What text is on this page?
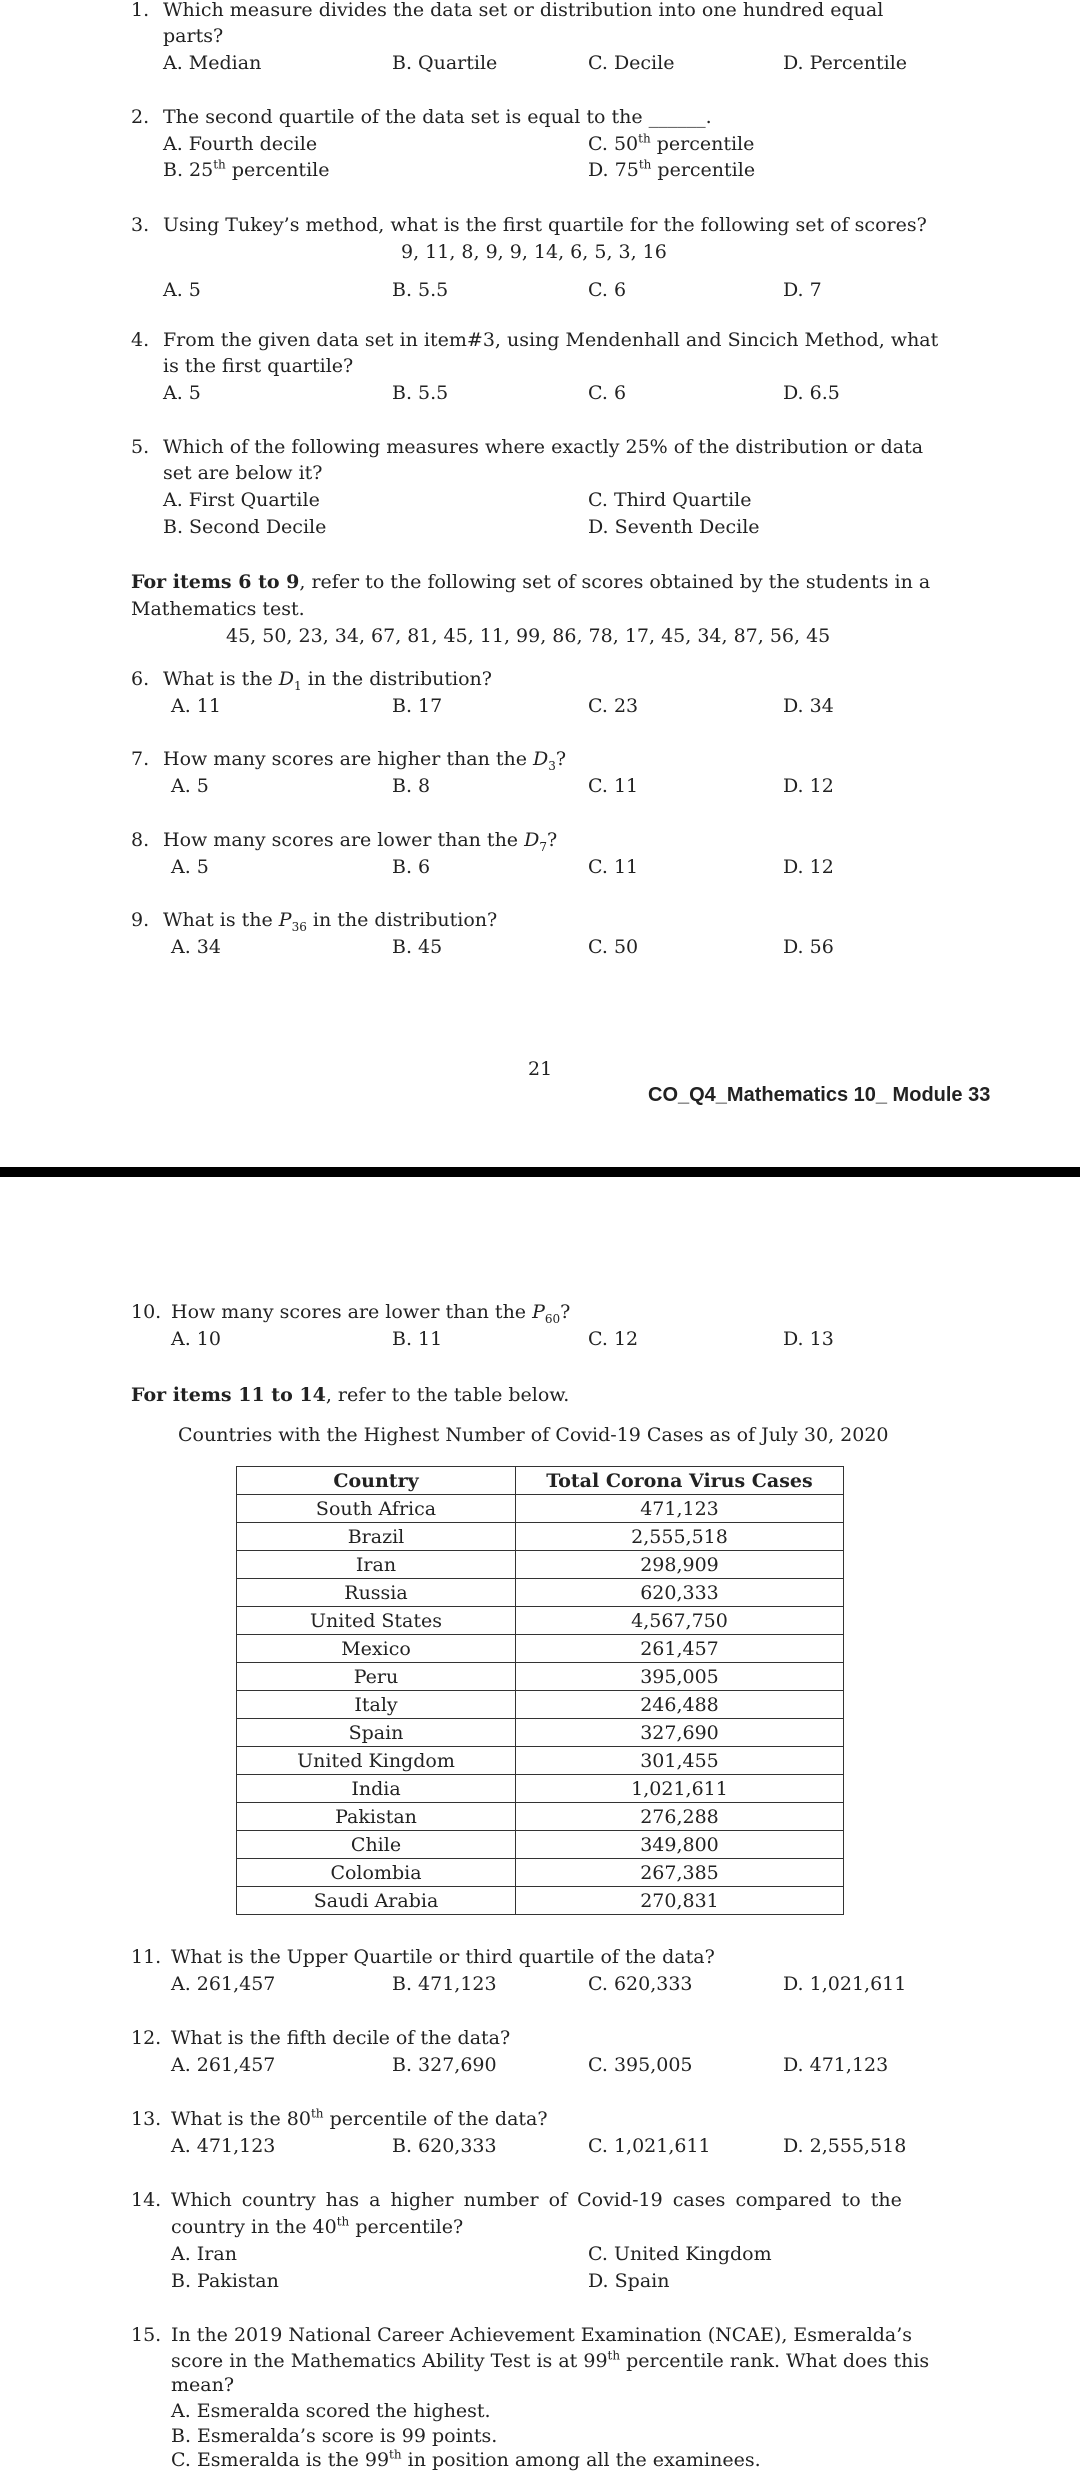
1. Which measure divides the data set or distribution into one hundred equal
parts?
A. Median	B. Quartile	C. Decile	D. Percentile
2. The second quartile of the data set is equal to the ______.
A. Fourth decile	C. 50th percentile
B. 25th percentile	D. 75th percentile
3. Using Tukey’s method, what is the first quartile for the following set of scores?
9, 11, 8, 9, 9, 14, 6, 5, 3, 16
A. 5	B. 5.5	C. 6	D. 7
4. From the given data set in item#3, using Mendenhall and Sincich Method, what
is the first quartile?
A. 5	B. 5.5	C. 6	D. 6.5
5. Which of the following measures where exactly 25% of the distribution or data
set are below it?
A. First Quartile	C. Third Quartile
B. Second Decile	D. Seventh Decile
For items 6 to 9, refer to the following set of scores obtained by the students in a
Mathematics test.
45, 50, 23, 34, 67, 81, 45, 11, 99, 86, 78, 17, 45, 34, 87, 56, 45
6. What is the $D_1$ in the distribution?
A. 11	B. 17	C. 23	D. 34
7. How many scores are higher than the $D_3$?
A. 5	B. 8	C. 11	D. 12
8. How many scores are lower than the $D_7$?
A. 5	B. 6	C. 11	D. 12
9. What is the $P_{36}$ in the distribution?
A. 34	B. 45	C. 50	D. 56
21
CO_Q4_Mathematics 10_ Module 33
10. How many scores are lower than the $P_{60}$?
A. 10	B. 11	C. 12	D. 13
For items 11 to 14, refer to the table below.
Countries with the Highest Number of Covid-19 Cases as of July 30, 2020
Country	Total Corona Virus Cases
South Africa	471,123
Brazil	2,555,518
Iran	298,909
Russia	620,333
United States	4,567,750
Mexico	261,457
Peru	395,005
Italy	246,488
Spain	327,690
United Kingdom	301,455
India	1,021,611
Pakistan	276,288
Chile	349,800
Colombia	267,385
Saudi Arabia	270,831
11. What is the Upper Quartile or third quartile of the data?
A. 261,457	B. 471,123	C. 620,333	D. 1,021,611
12. What is the fifth decile of the data?
A. 261,457	B. 327,690	C. 395,005	D. 471,123
13. What is the 80th percentile of the data?
A. 471,123	B. 620,333	C. 1,021,611	D. 2,555,518
14. Which country has a higher number of Covid-19 cases compared to the
country in the 40th percentile?
A. Iran	C. United Kingdom
B. Pakistan	D. Spain
15. In the 2019 National Career Achievement Examination (NCAE), Esmeralda’s
score in the Mathematics Ability Test is at 99th percentile rank. What does this
mean?
A. Esmeralda scored the highest.
B. Esmeralda’s score is 99 points.
C. Esmeralda is the 99th in position among all the examinees.
